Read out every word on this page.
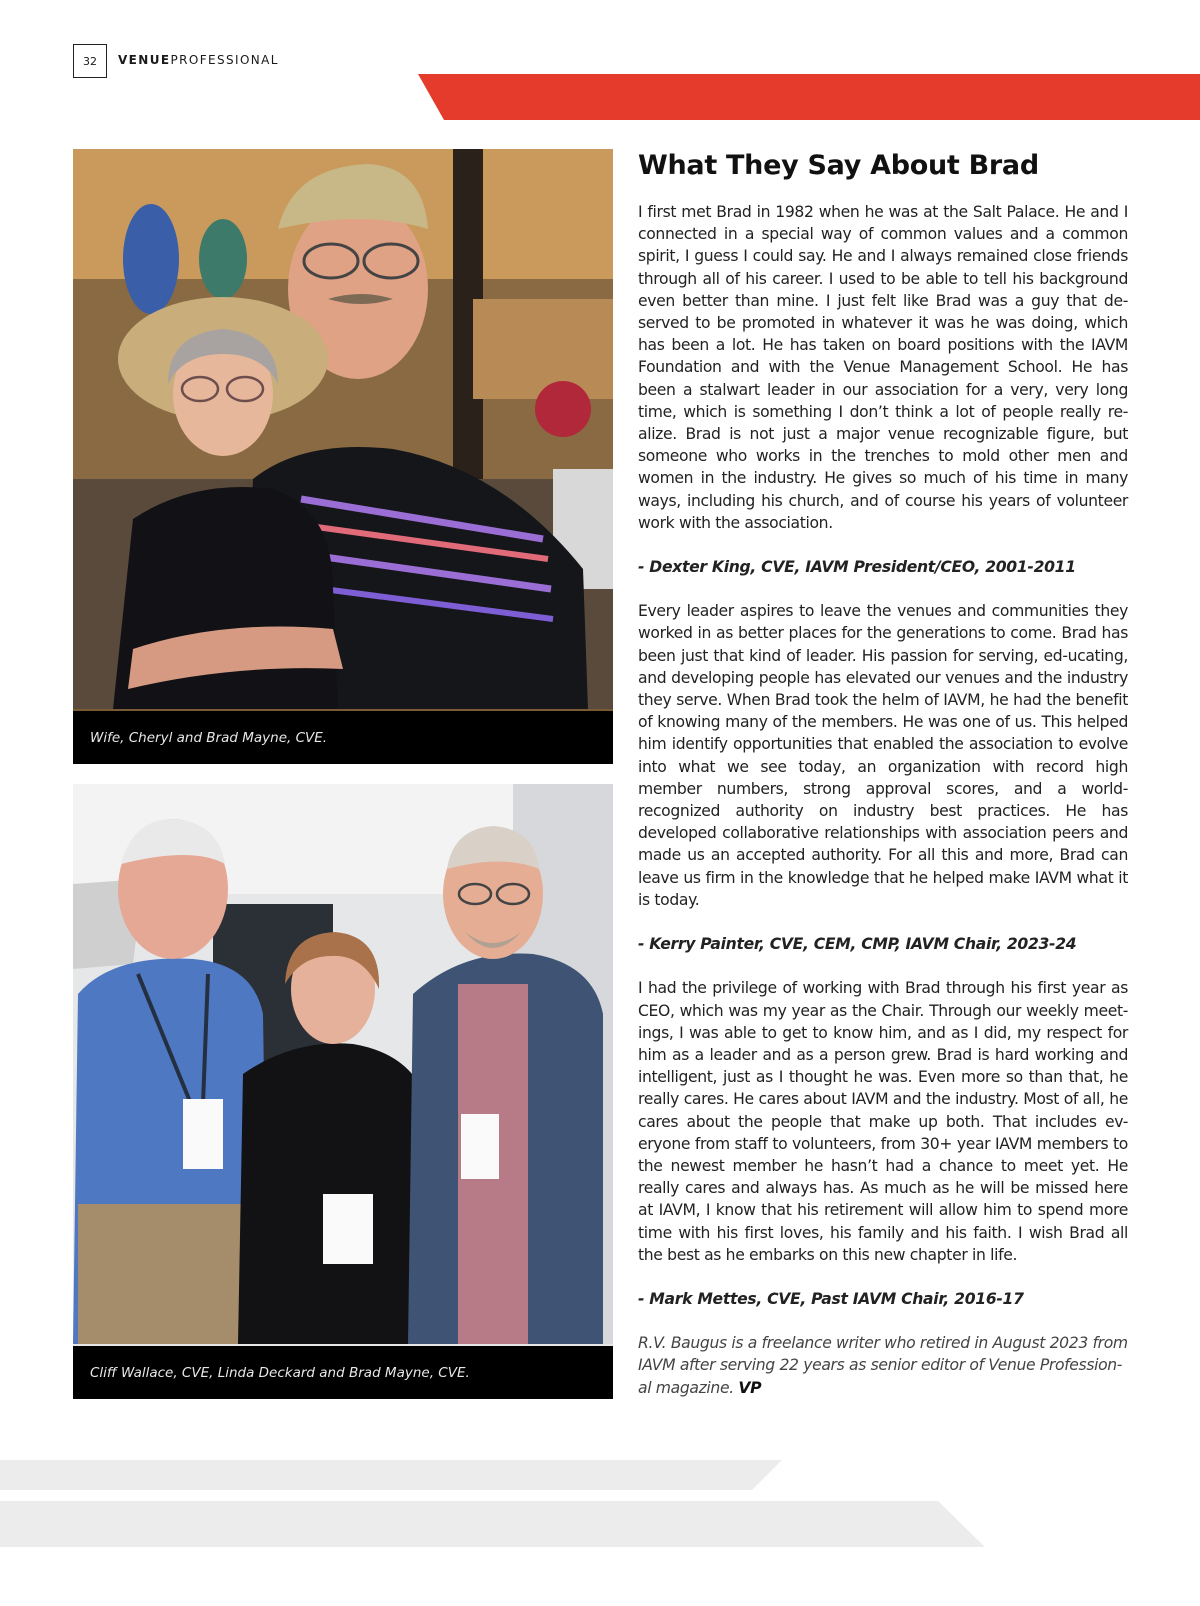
32	VENUEPROFESSIONAL
Wife, Cheryl and Brad Mayne, CVE.
Cliff Wallace, CVE, Linda Deckard and Brad Mayne, CVE.
What They Say About Brad

I first met Brad in 1982 when he was at the Salt Palace. He and I connected in a special way of common values and a common spirit, I guess I could say. He and I always remained close friends through all of his career. I used to be able to tell his background even better than mine. I just felt like Brad was a guy that de-served to be promoted in whatever it was he was doing, which has been a lot. He has taken on board positions with the IAVM Foundation and with the Venue Management School. He has been a stalwart leader in our association for a very, very long time, which is something I don’t think a lot of people really re-alize. Brad is not just a major venue recognizable figure, but someone who works in the trenches to mold other men and women in the industry. He gives so much of his time in many ways, including his church, and of course his years of volunteer work with the association.

- Dexter King, CVE, IAVM President/CEO, 2001-2011

Every leader aspires to leave the venues and communities they worked in as better places for the generations to come. Brad has been just that kind of leader. His passion for serving, ed-ucating, and developing people has elevated our venues and the industry they serve. When Brad took the helm of IAVM, he had the benefit of knowing many of the members. He was one of us. This helped him identify opportunities that enabled the association to evolve into what we see today, an organization with record high member numbers, strong approval scores, and a world-recognized authority on industry best practices. He has developed collaborative relationships with association peers and made us an accepted authority. For all this and more, Brad can leave us firm in the knowledge that he helped make IAVM what it is today.

- Kerry Painter, CVE, CEM, CMP, IAVM Chair, 2023-24

I had the privilege of working with Brad through his first year as CEO, which was my year as the Chair. Through our weekly meet-ings, I was able to get to know him, and as I did, my respect for him as a leader and as a person grew. Brad is hard working and intelligent, just as I thought he was. Even more so than that, he really cares. He cares about IAVM and the industry. Most of all, he cares about the people that make up both. That includes ev-eryone from staff to volunteers, from 30+ year IAVM members to the newest member he hasn’t had a chance to meet yet. He really cares and always has. As much as he will be missed here at IAVM, I know that his retirement will allow him to spend more time with his first loves, his family and his faith. I wish Brad all the best as he embarks on this new chapter in life.

- Mark Mettes, CVE, Past IAVM Chair, 2016-17

R.V. Baugus is a freelance writer who retired in August 2023 from IAVM after serving 22 years as senior editor of Venue Profession-al magazine. VP
